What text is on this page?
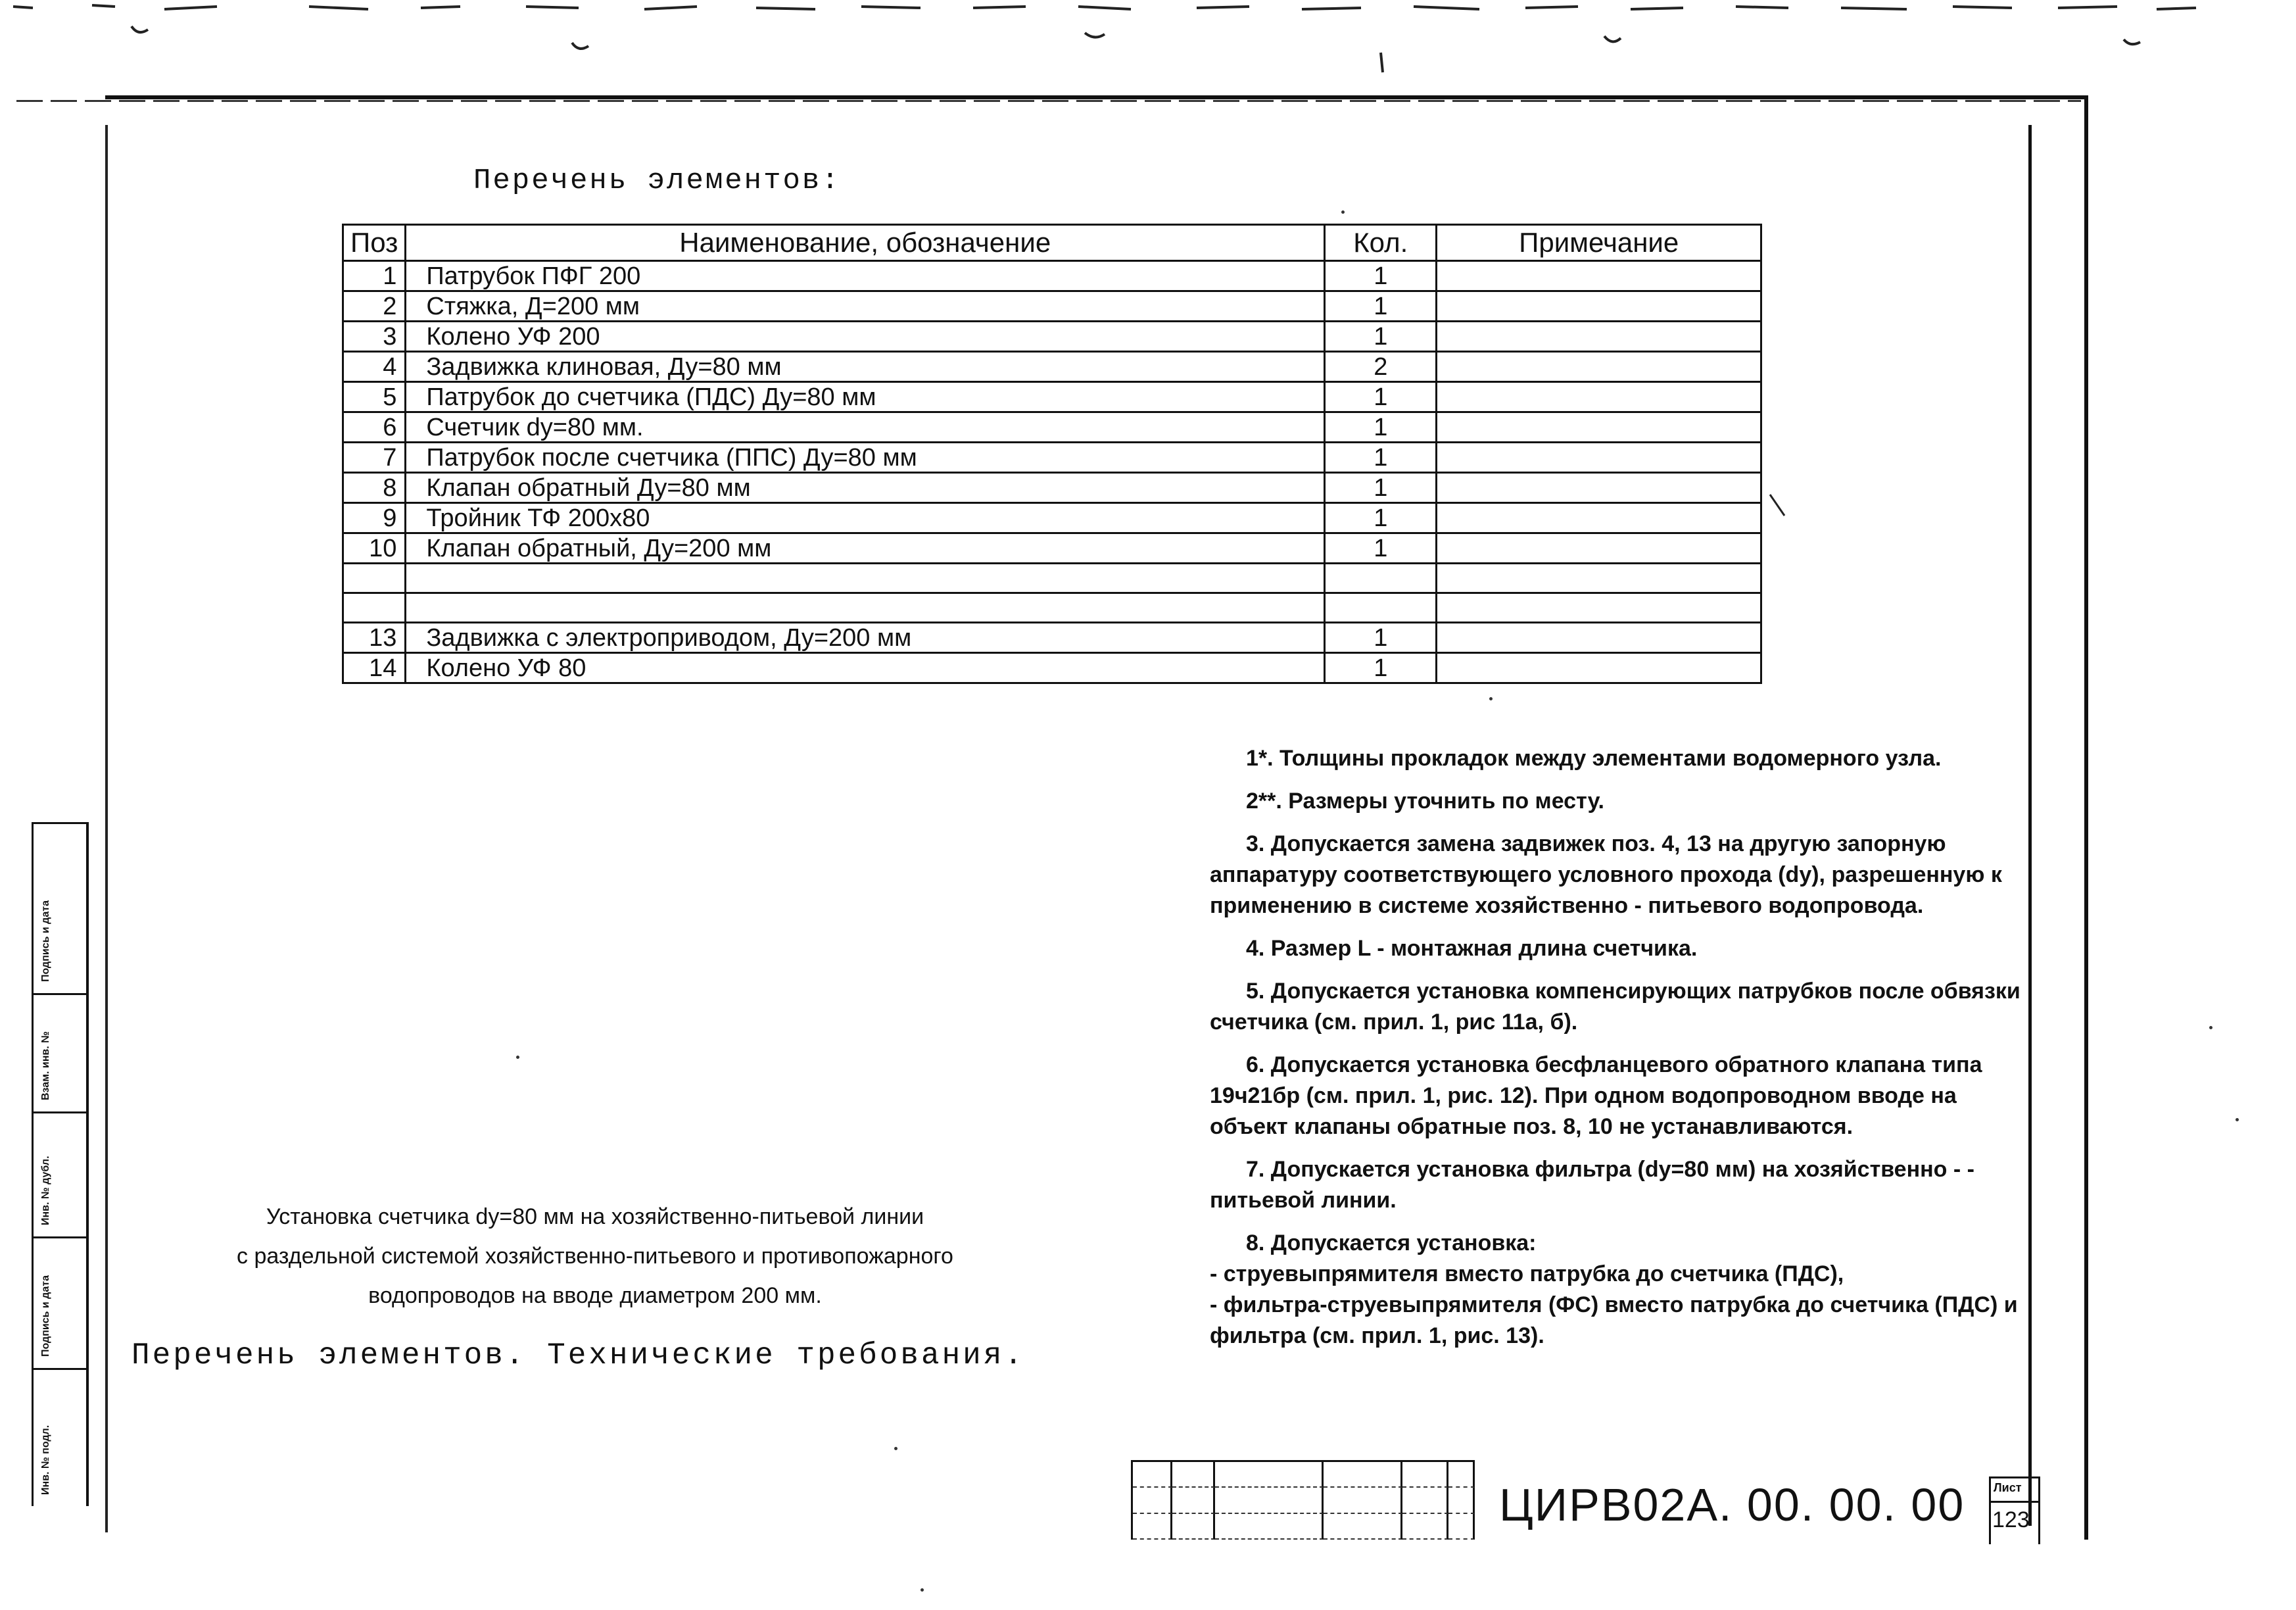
Перечень элементов:
Поз	Наименование, обозначение	Кол.	Примечание
1	Патрубок ПФГ 200	1	
2	Стяжка, Д=200 мм	1	
3	Колено УФ 200	1	
4	Задвижка клиновая, Ду=80 мм	2	
5	Патрубок до счетчика (ПДС) Ду=80 мм	1	
6	Счетчик dy=80 мм.	1	
7	Патрубок после счетчика (ППС) Ду=80 мм	1	
8	Клапан обратный Ду=80 мм	1	
9	Тройник ТФ 200х80	1	
10	Клапан обратный, Ду=200 мм	1	

13	Задвижка с электроприводом, Ду=200 мм	1	
14	Колено УФ 80	1	

1*. Толщины прокладок между элементами водомерного узла.

2**. Размеры уточнить по месту.

3. Допускается замена задвижек поз. 4, 13 на другую запорную аппаратуру соответствующего условного прохода (dy), разрешенную к применению в системе хозяйственно - питьевого водопровода.

4. Размер L - монтажная длина счетчика.

5. Допускается установка компенсирующих патрубков после обвязки счетчика (см. прил. 1, рис 11а, б).

6. Допускается установка бесфланцевого обратного клапана типа 19ч21бр (см. прил. 1, рис. 12). При одном водопроводном вводе на объект клапаны обратные поз. 8, 10 не устанавливаются.

7. Допускается установка фильтра (dy=80 мм) на хозяйственно - - питьевой линии.

8. Допускается установка:

- струевыпрямителя вместо патрубка до счетчика (ПДС),

- фильтра-струевыпрямителя (ФС) вместо патрубка до счетчика (ПДС) и фильтра (см. прил. 1, рис. 13).

Установка счетчика dy=80 мм на хозяйственно-питьевой линии
с раздельной системой хозяйственно-питьевого и противопожарного
водопроводов на вводе диаметром 200 мм.
Перечень элементов. Технические требования.
ЦИРВ02А. 00. 00. 00 Лист
123
Подпись и дата
Взам. инв. №
Инв. № дубл.
Подпись и дата
Инв. № подл.
